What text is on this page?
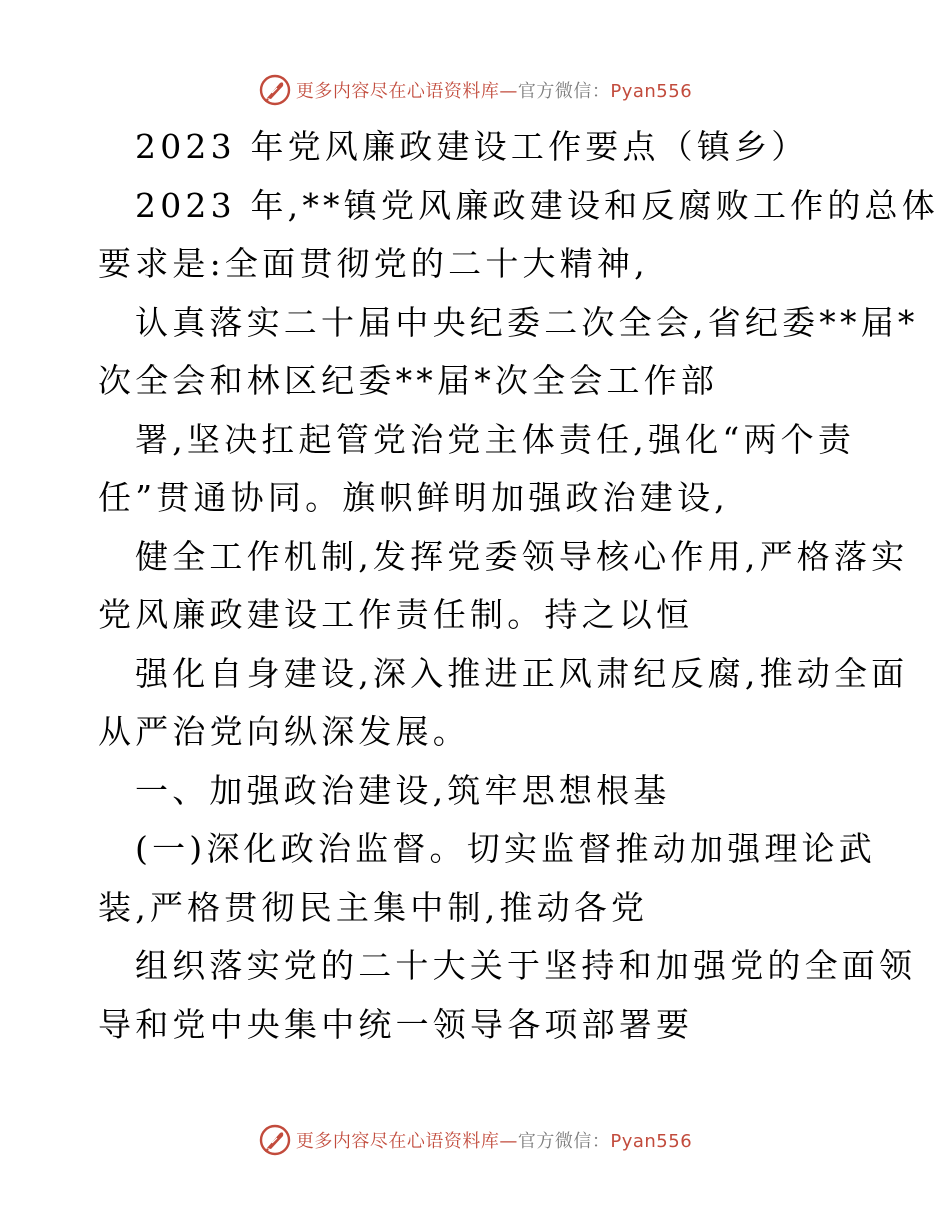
更多内容尽在心语资料库—官方微信：Pyan556
2023 年党风廉政建设工作要点（镇乡）
2023 年,**镇党风廉政建设和反腐败工作的总体
要求是:全面贯彻党的二十大精神,
认真落实二十届中央纪委二次全会,省纪委**届*
次全会和林区纪委**届*次全会工作部
署,坚决扛起管党治党主体责任,强化“两个责
任”贯通协同。旗帜鲜明加强政治建设,
健全工作机制,发挥党委领导核心作用,严格落实
党风廉政建设工作责任制。持之以恒
强化自身建设,深入推进正风肃纪反腐,推动全面
从严治党向纵深发展。
一、加强政治建设,筑牢思想根基
(一)深化政治监督。切实监督推动加强理论武
装,严格贯彻民主集中制,推动各党
组织落实党的二十大关于坚持和加强党的全面领
导和党中央集中统一领导各项部署要
更多内容尽在心语资料库—官方微信：Pyan556
